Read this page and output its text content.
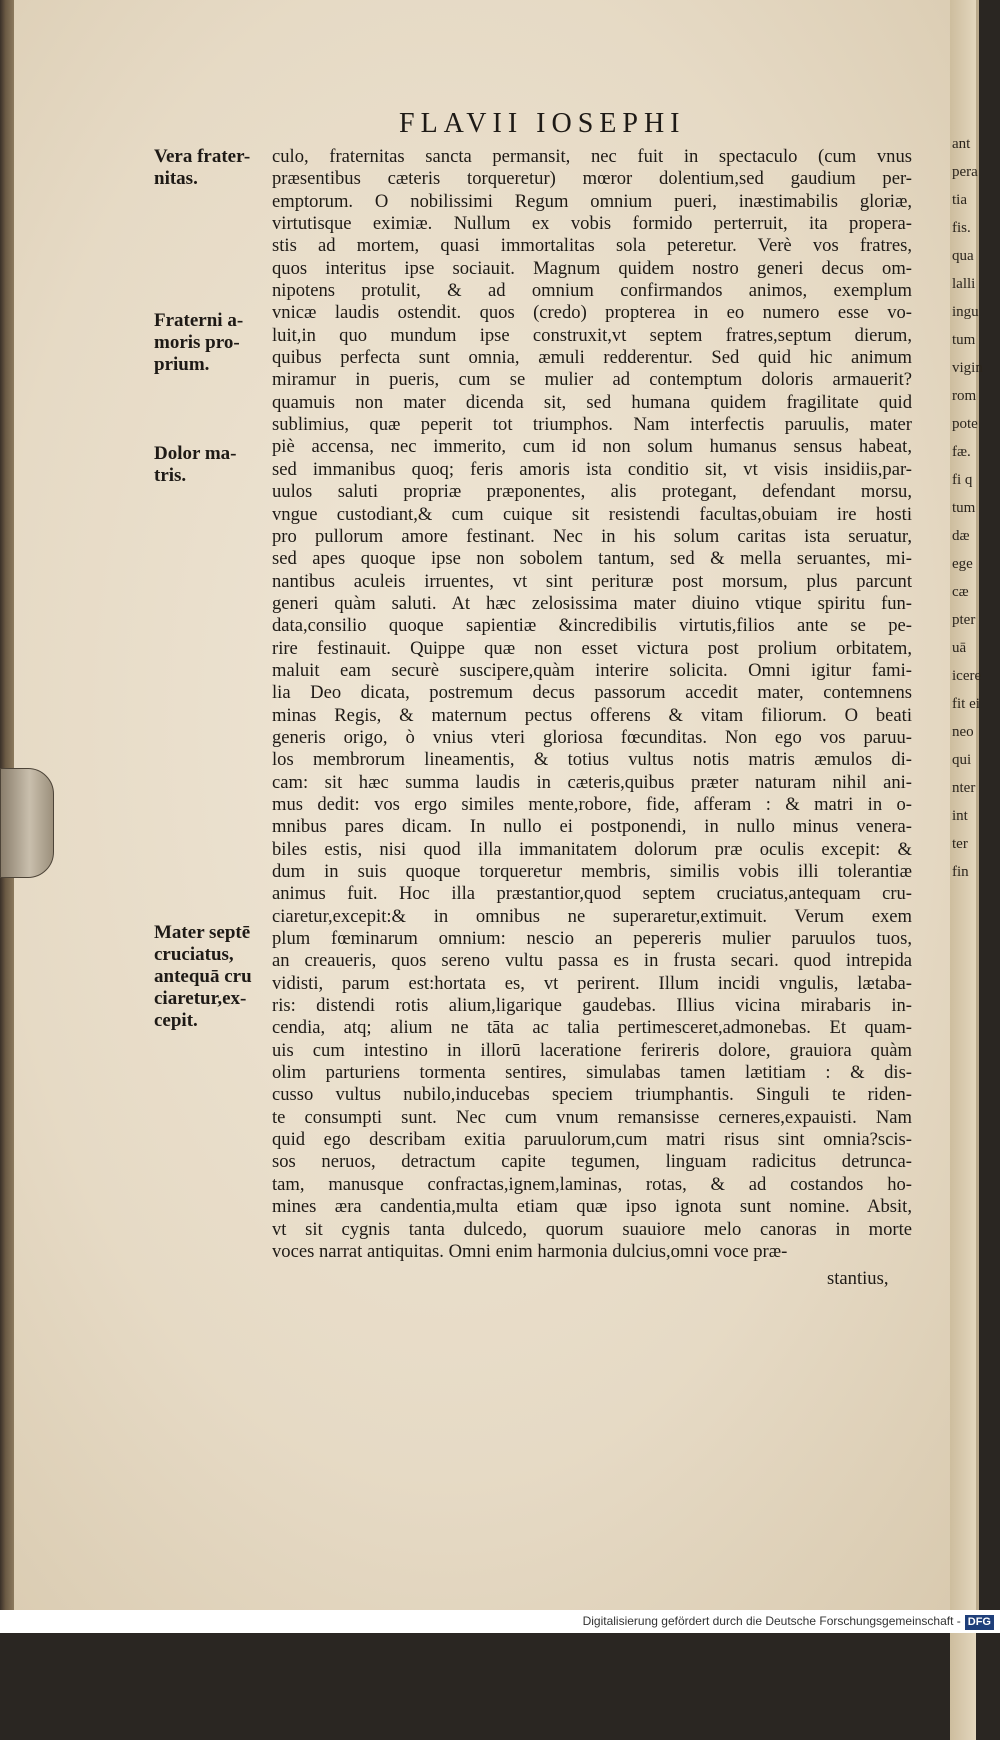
FLAVII IOSEPHI
Vera frater-
nitas.
Fraterni a-
moris pro-
prium.
Dolor ma-
tris.
Mater septē
cruciatus,
antequā cru
ciaretur,ex-
cepit.
culo, fraternitas sancta permansit, nec fuit in spectaculo (cum vnus
præsentibus cæteris torqueretur) mœror dolentium,sed gaudium per-
emptorum. O nobilissimi Regum omnium pueri, inæstimabilis gloriæ,
virtutisque eximiæ. Nullum ex vobis formido perterruit, ita propera-
stis ad mortem, quasi immortalitas sola peteretur. Verè vos fratres,
quos interitus ipse sociauit. Magnum quidem nostro generi decus om-
nipotens protulit, & ad omnium confirmandos animos, exemplum
vnicæ laudis ostendit. quos (credo) propterea in eo numero esse vo-
luit,in quo mundum ipse construxit,vt septem fratres,septum dierum,
quibus perfecta sunt omnia, æmuli redderentur. Sed quid hic animum
miramur in pueris, cum se mulier ad contemptum doloris armauerit?
quamuis non mater dicenda sit, sed humana quidem fragilitate quid
sublimius, quæ peperit tot triumphos. Nam interfectis paruulis, mater
piè accensa, nec immerito, cum id non solum humanus sensus habeat,
sed immanibus quoq; feris amoris ista conditio sit, vt visis insidiis,par-
uulos saluti propriæ præponentes, alis protegant, defendant morsu,
vngue custodiant,& cum cuique sit resistendi facultas,obuiam ire hosti
pro pullorum amore festinant. Nec in his solum caritas ista seruatur,
sed apes quoque ipse non sobolem tantum, sed & mella seruantes, mi-
nantibus aculeis irruentes, vt sint perituræ post morsum, plus parcunt
generi quàm saluti. At hæc zelosissima mater diuino vtique spiritu fun-
data,consilio quoque sapientiæ &incredibilis virtutis,filios ante se pe-
rire festinauit. Quippe quæ non esset victura post prolium orbitatem,
maluit eam securè suscipere,quàm interire solicita. Omni igitur fami-
lia Deo dicata, postremum decus passorum accedit mater, contemnens
minas Regis, & maternum pectus offerens & vitam filiorum. O beati
generis origo, ò vnius vteri gloriosa fœcunditas. Non ego vos paruu-
los membrorum lineamentis, & totius vultus notis matris æmulos di-
cam: sit hæc summa laudis in cæteris,quibus præter naturam nihil ani-
mus dedit: vos ergo similes mente,robore, fide, afferam : & matri in o-
mnibus pares dicam. In nullo ei postponendi, in nullo minus venera-
biles estis, nisi quod illa immanitatem dolorum præ oculis excepit: &
dum in suis quoque torqueretur membris, similis vobis illi tolerantiæ
animus fuit. Hoc illa præstantior,quod septem cruciatus,antequam cru-
ciaretur,excepit:& in omnibus ne superaretur,extimuit. Verum exem
plum fœminarum omnium: nescio an pepereris mulier paruulos tuos,
an creaueris, quos sereno vultu passa es in frusta secari. quod intrepida
vidisti, parum est:hortata es, vt perirent. Illum incidi vngulis, lætaba-
ris: distendi rotis alium,ligarique gaudebas. Illius vicina mirabaris in-
cendia, atq; alium ne tāta ac talia pertimesceret,admonebas. Et quam-
uis cum intestino in illorū laceratione ferireris dolore, grauiora quàm
olim parturiens tormenta sentires, simulabas tamen lætitiam : & dis-
cusso vultus nubilo,inducebas speciem triumphantis. Singuli te riden-
te consumpti sunt. Nec cum vnum remansisse cerneres,expauisti. Nam
quid ego describam exitia paruulorum,cum matri risus sint omnia?scis-
sos neruos, detractum capite tegumen, linguam radicitus detrunca-
tam, manusque confractas,ignem,laminas, rotas, & ad costandos ho-
mines æra candentia,multa etiam quæ ipso ignota sunt nomine. Absit,
vt sit cygnis tanta dulcedo, quorum suauiore melo canoras in morte
voces narrat antiquitas. Omni enim harmonia dulcius,omni voce præ-
stantius,
ant
pera
tia
fis.
qua
lalli
ingu
tum
vigin
rom
pote
fæ.
fi q
tum
dæ
ege
cæ
pter
uā
icere
fit ei
neo
qui
nter
int
ter
fin
Digitalisierung gefördert durch die Deutsche Forschungsgemeinschaft - DFG
